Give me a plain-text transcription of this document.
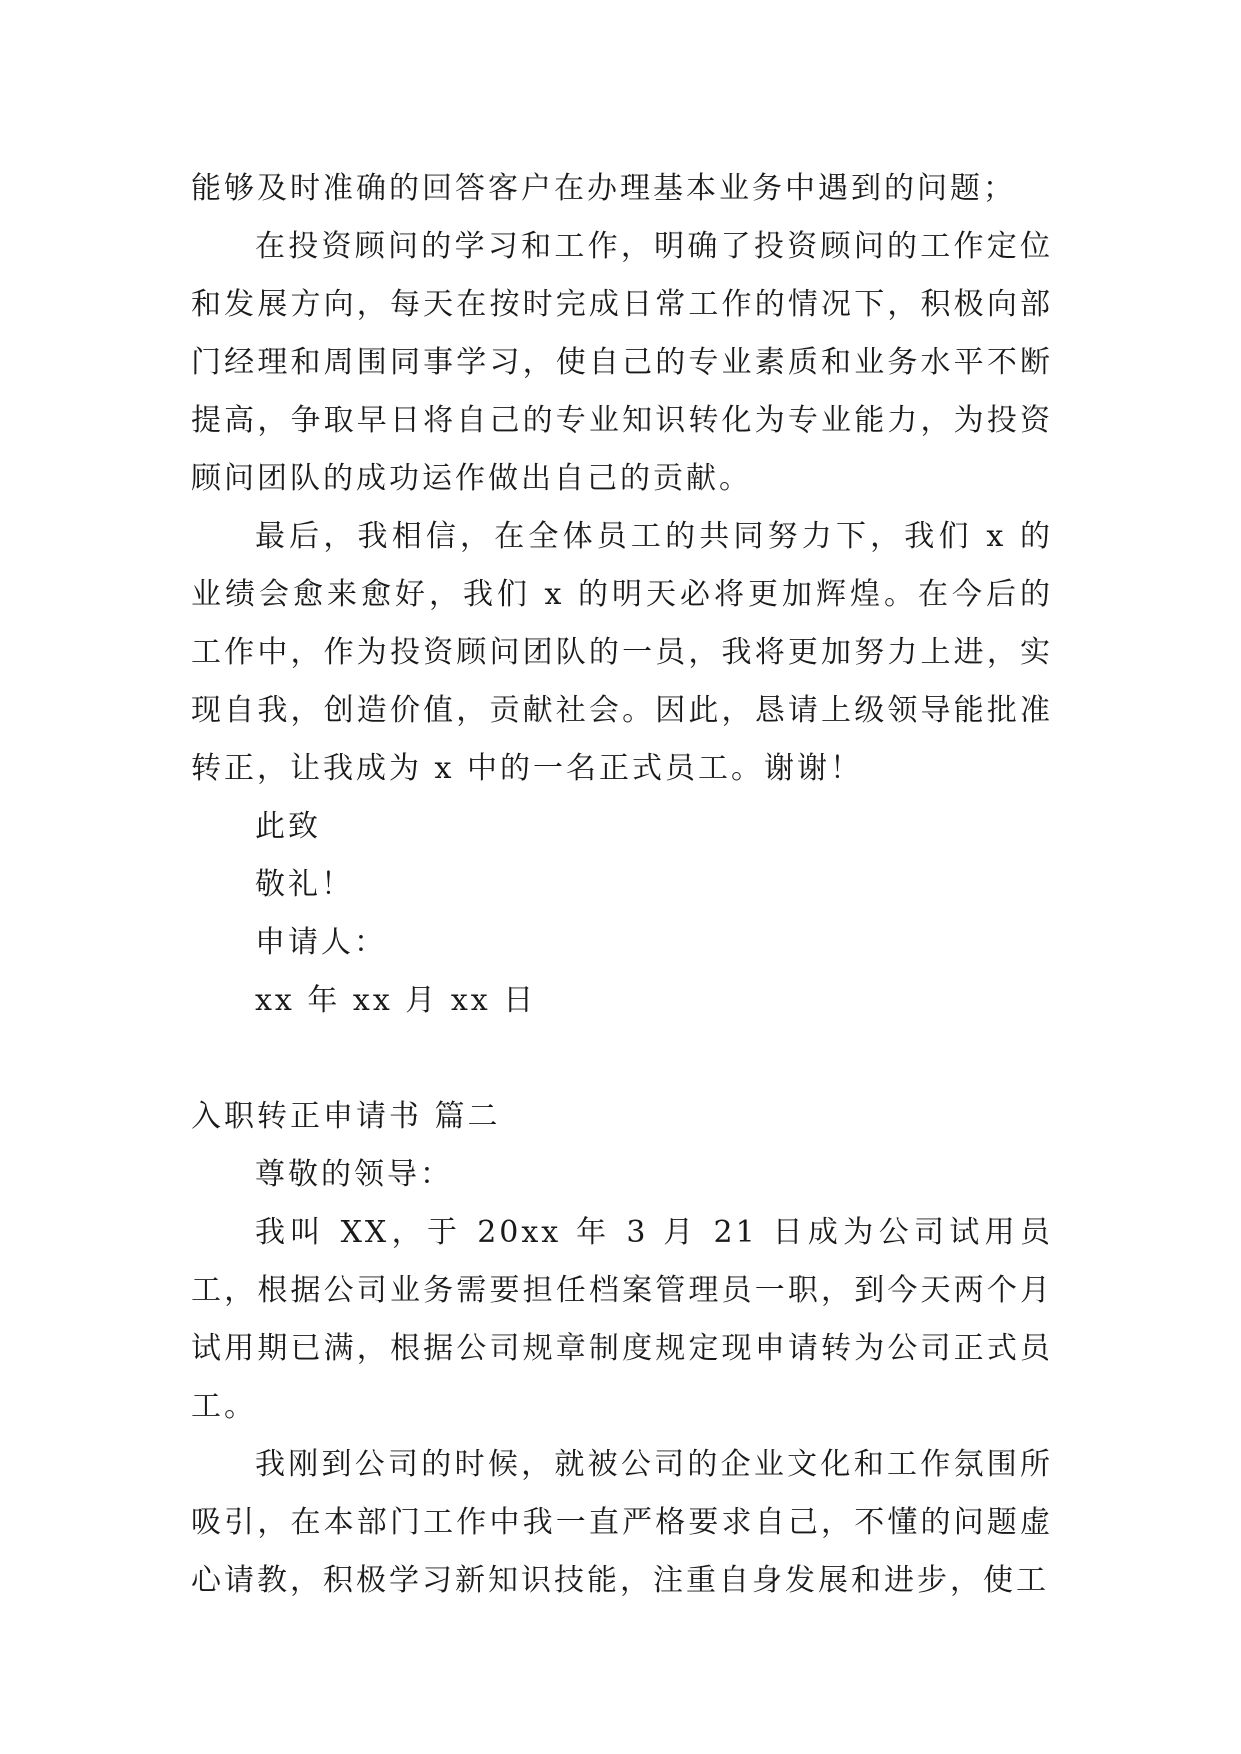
能够及时准确的回答客户在办理基本业务中遇到的问题；

在投资顾问的学习和工作，明确了投资顾问的工作定位和发展方向，每天在按时完成日常工作的情况下，积极向部门经理和周围同事学习，使自己的专业素质和业务水平不断提高，争取早日将自己的专业知识转化为专业能力，为投资顾问团队的成功运作做出自己的贡献。

最后，我相信，在全体员工的共同努力下，我们 x 的业绩会愈来愈好，我们 x 的明天必将更加辉煌。在今后的工作中，作为投资顾问团队的一员，我将更加努力上进，实现自我，创造价值，贡献社会。因此，恳请上级领导能批准转正，让我成为 x 中的一名正式员工。谢谢！

此致

敬礼！

申请人：

xx 年 xx 月 xx 日

入职转正申请书 篇二

尊敬的领导：

我叫 XX，于 20xx 年 3 月 21 日成为公司试用员工，根据公司业务需要担任档案管理员一职，到今天两个月试用期已满，根据公司规章制度规定现申请转为公司正式员工。

我刚到公司的时候，就被公司的企业文化和工作氛围所吸引，在本部门工作中我一直严格要求自己，不懂的问题虚心请教，积极学习新知识技能，注重自身发展和进步，使工
